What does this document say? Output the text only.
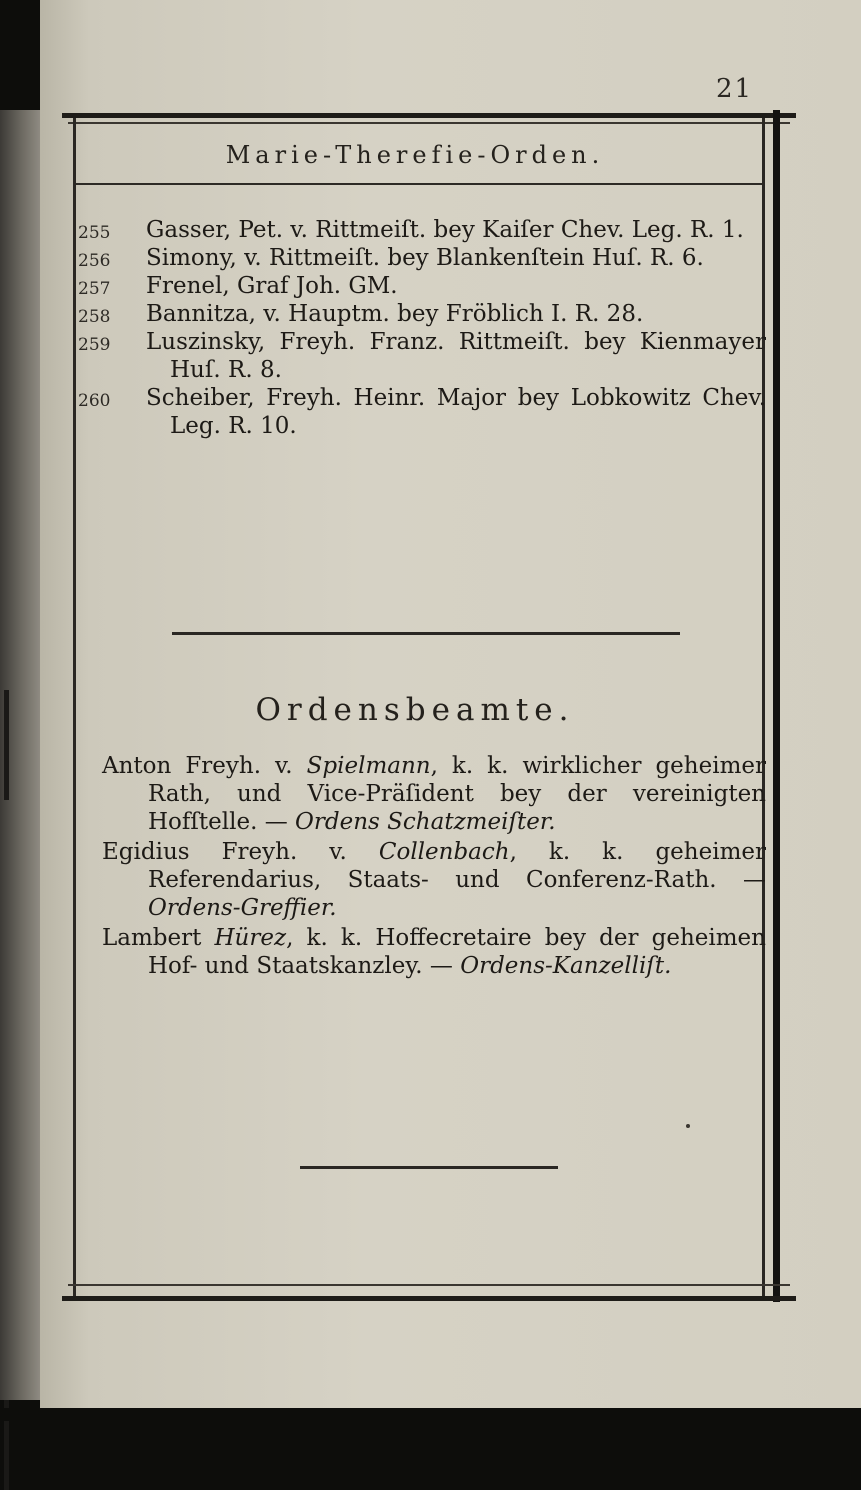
21
Marie-Therefie-Orden.
255 Gasser, Pet. v. Rittmeiſt. bey Kaiſer Chev. Leg. R. 1.
256 Simony, v. Rittmeiſt. bey Blankenſtein Huſ. R. 6.
257 Frenel, Graf Joh. GM.
258 Bannitza, v. Hauptm. bey Fröblich I. R. 28.
259 Luszinsky, Freyh. Franz. Rittmeiſt. bey Kienmayer Huſ. R. 8.
260 Scheiber, Freyh. Heinr. Major bey Lobkowitz Chev. Leg. R. 10.
Ordensbeamte.
Anton Freyh. v. Spielmann, k. k. wirklicher geheimer Rath, und Vice-Präſident bey der vereinigten Hofſtelle. — Ordens Schatzmeiſter.
Egidius Freyh. v. Collenbach, k. k. geheimer Referendarius, Staats- und Conferenz-Rath. — Ordens-Greffier.
Lambert Hürez, k. k. Hoffecretaire bey der geheimen Hof- und Staatskanzley. — Ordens-Kanzelliſt.
